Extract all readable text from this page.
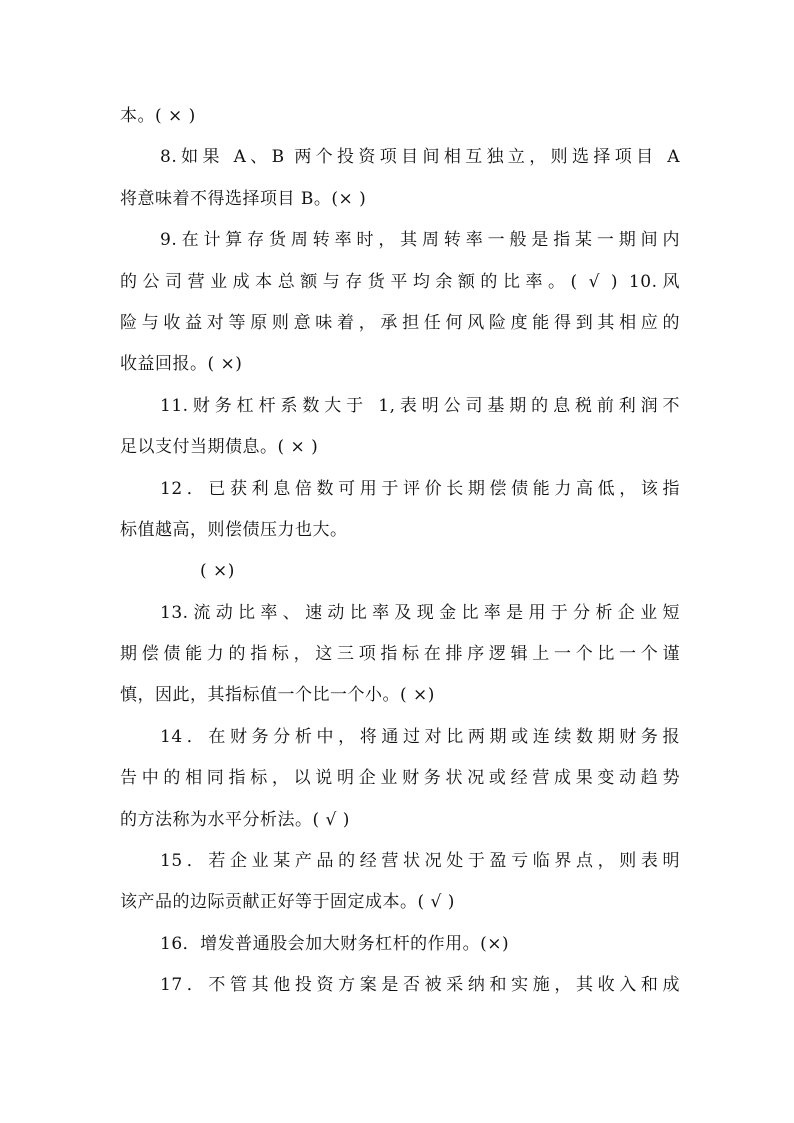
本。( × )
8.如果 A、B 两个投资项目间相互独立，则选择项目 A
将意味着不得选择项目 B。(× )
9.在计算存货周转率时，其周转率一般是指某一期间内
的公司营业成本总额与存货平均余额的比率。( √ ) 10.风
险与收益对等原则意味着，承担任何风险度能得到其相应的
收益回报。( ×)
11.财务杠杆系数大于 1,表明公司基期的息税前利润不
足以支付当期债息。( × )
12．已获利息倍数可用于评价长期偿债能力高低，该指
标值越高，则偿债压力也大。
( ×)
13.流动比率、速动比率及现金比率是用于分析企业短
期偿债能力的指标，这三项指标在排序逻辑上一个比一个谨
慎，因此，其指标值一个比一个小。( ×)
14．在财务分析中，将通过对比两期或连续数期财务报
告中的相同指标，以说明企业财务状况或经营成果变动趋势
的方法称为水平分析法。( √ )
15．若企业某产品的经营状况处于盈亏临界点，则表明
该产品的边际贡献正好等于固定成本。( √ )
16．增发普通股会加大财务杠杆的作用。(×)
17．不管其他投资方案是否被采纳和实施，其收入和成
